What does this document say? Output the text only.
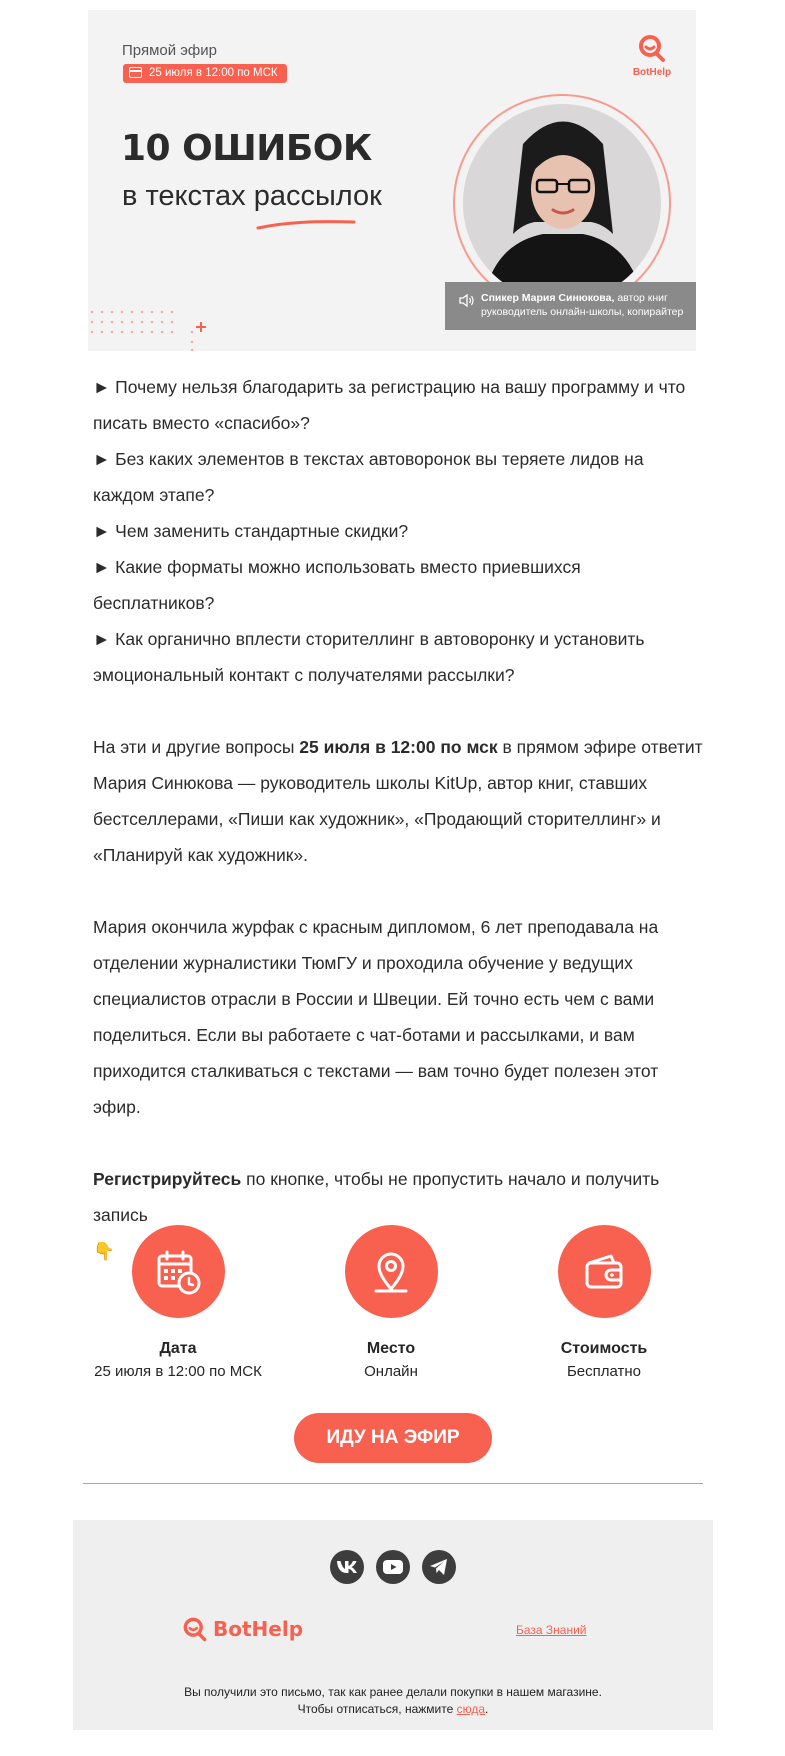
Прямой эфир
25 июля в 12:00 по МСК
10 ОШИБОК
в текстах рассылок
BotHelp
Спикер Мария Синюкова, автор книг
руководитель онлайн-школы, копирайтер

► Почему нельзя благодарить за регистрацию на вашу программу и что писать вместо «спасибо»?

► Без каких элементов в текстах автоворонок вы теряете лидов на каждом этапе?

► Чем заменить стандартные скидки?

► Какие форматы можно использовать вместо приевшихся бесплатников?

► Как органично вплести сторителлинг в автоворонку и установить эмоциональный контакт с получателями рассылки?

На эти и другие вопросы 25 июля в 12:00 по мск в прямом эфире ответит Мария Синюкова — руководитель школы KitUp, автор книг, ставших бестселлерами, «Пиши как художник», «Продающий сторителлинг» и «Планируй как художник».

Мария окончила журфак с красным дипломом, 6 лет преподавала на отделении журналистики ТюмГУ и проходила обучение у ведущих специалистов отрасли в России и Швеции. Ей точно есть чем с вами поделиться. Если вы работаете с чат-ботами и рассылками, и вам приходится сталкиваться с текстами — вам точно будет полезен этот эфир.

Регистрируйтесь по кнопке, чтобы не пропустить начало и получить запись
👇

Дата
25 июля в 12:00 по МСК
Место
Онлайн
Стоимость
Бесплатно
ИДУ НА ЭФИР
BotHelp	База Знаний
Вы получили это письмо, так как ранее делали покупки в нашем магазине.
Чтобы отписаться, нажмите сюда.
